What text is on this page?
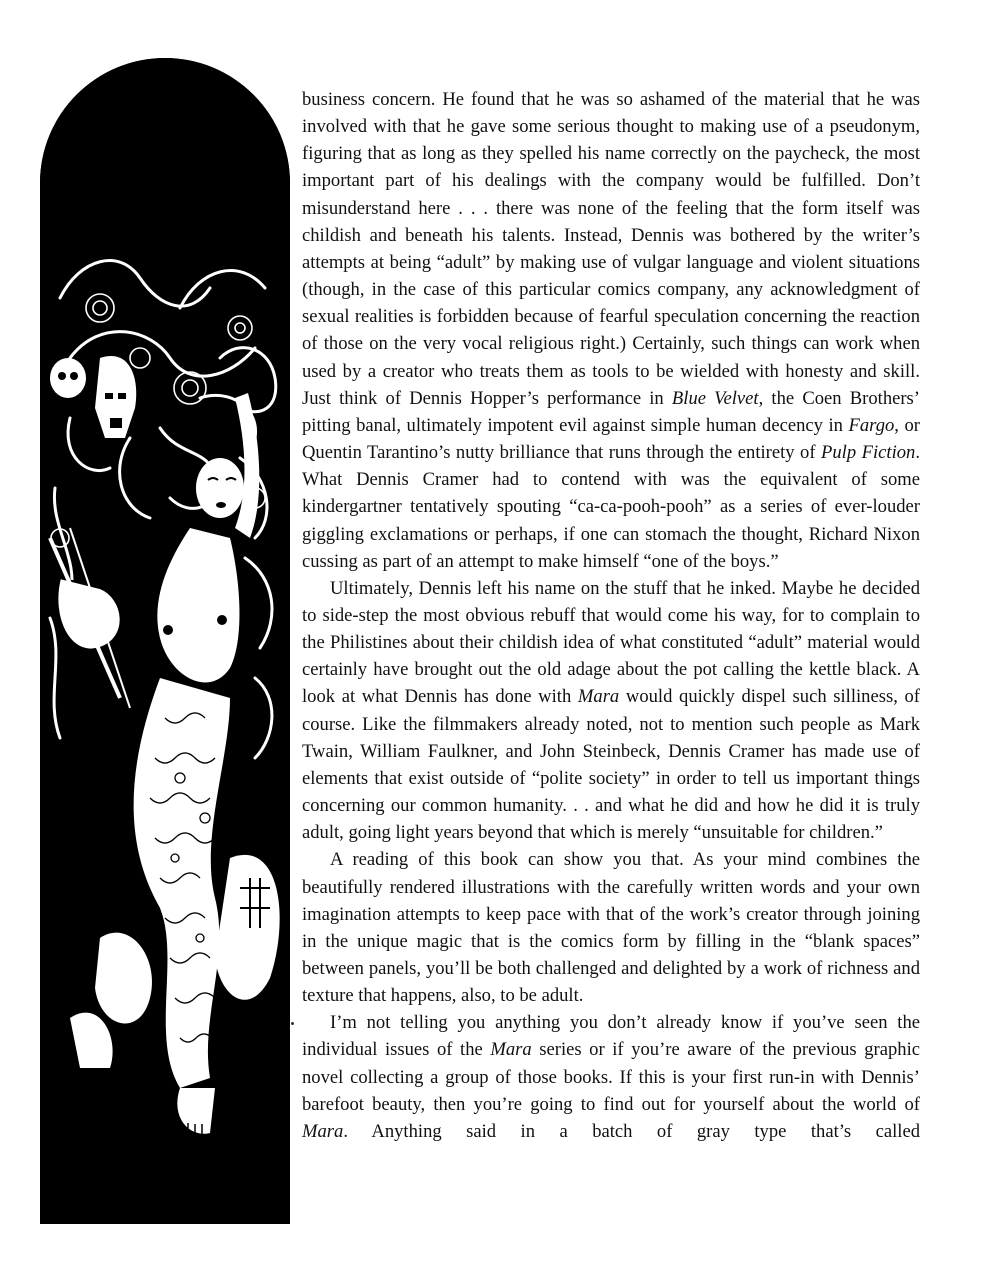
business concern. He found that he was so ashamed of the material that he was involved with that he gave some serious thought to making use of a pseudonym, figuring that as long as they spelled his name correctly on the paycheck, the most important part of his dealings with the company would be fulfilled. Don’t misunderstand here . . . there was none of the feeling that the form itself was childish and beneath his talents. Instead, Dennis was bothered by the writer’s attempts at being “adult” by making use of vulgar language and violent situations (though, in the case of this particular comics company, any acknowledgment of sexual realities is forbidden because of fearful speculation concerning the reaction of those on the very vocal religious right.) Certainly, such things can work when used by a creator who treats them as tools to be wielded with honesty and skill. Just think of Dennis Hopper’s performance in Blue Velvet, the Coen Brothers’ pitting banal, ultimately impotent evil against simple human decency in Fargo, or Quentin Tarantino’s nutty brilliance that runs through the entirety of Pulp Fiction. What Dennis Cramer had to contend with was the equivalent of some kindergartner tentatively spouting “ca-ca-pooh-pooh” as a series of ever-louder giggling exclamations or perhaps, if one can stomach the thought, Richard Nixon cussing as part of an attempt to make himself “one of the boys.”

Ultimately, Dennis left his name on the stuff that he inked. Maybe he decided to side-step the most obvious rebuff that would come his way, for to complain to the Philistines about their childish idea of what constituted “adult” material would certainly have brought out the old adage about the pot calling the kettle black. A look at what Dennis has done with Mara would quickly dispel such silliness, of course. Like the filmmakers already noted, not to mention such people as Mark Twain, William Faulkner, and John Steinbeck, Dennis Cramer has made use of elements that exist outside of “polite society” in order to tell us important things concerning our common humanity. . . and what he did and how he did it is truly adult, going light years beyond that which is merely “unsuitable for children.”

A reading of this book can show you that. As your mind combines the beautifully rendered illustrations with the carefully written words and your own imagination attempts to keep pace with that of the work’s creator through joining in the unique magic that is the comics form by filling in the “blank spaces” between panels, you’ll be both challenged and delighted by a work of richness and texture that happens, also, to be adult.

I’m not telling you anything you don’t already know if you’ve seen the individual issues of the Mara series or if you’re aware of the previous graphic novel collecting a group of those books. If this is your first run-in with Dennis’ barefoot beauty, then you’re going to find out for yourself about the world of Mara. Anything said in a batch of gray type that’s called
